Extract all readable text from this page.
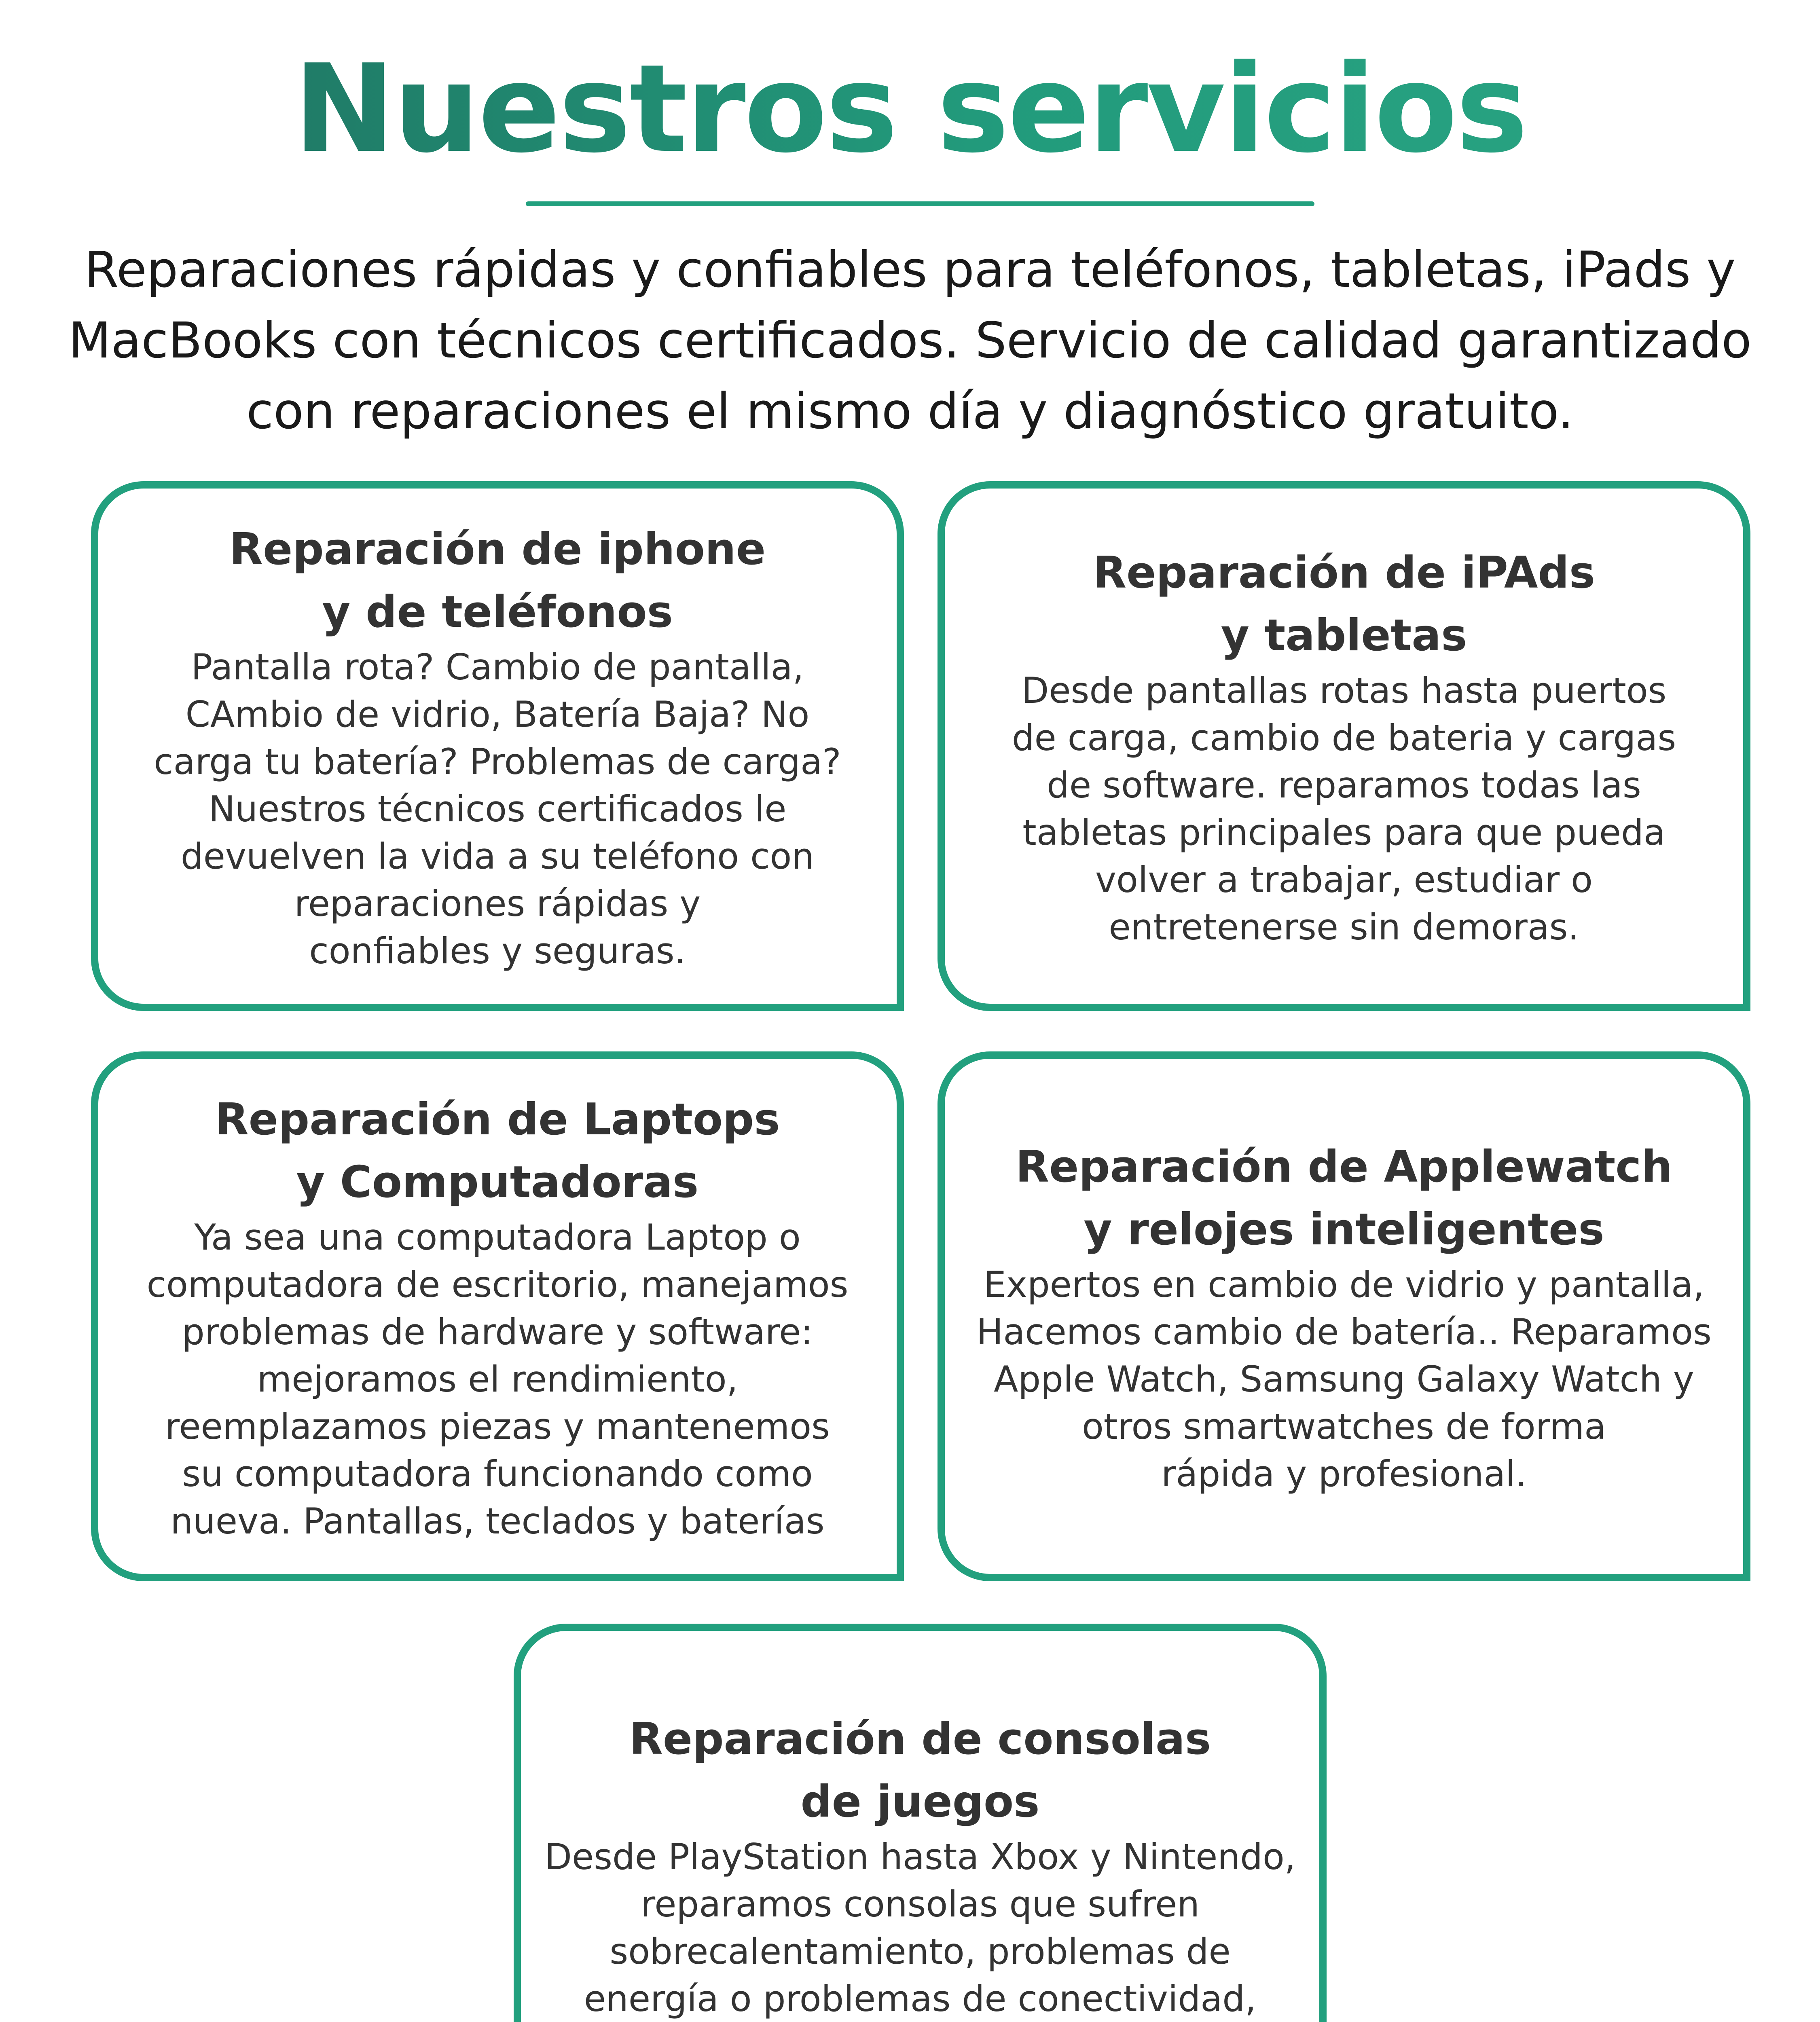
Nuestros servicios

Reparaciones rápidas y confiables para teléfonos, tabletas, iPads y
MacBooks con técnicos certificados. Servicio de calidad garantizado
con reparaciones el mismo día y diagnóstico gratuito.

Reparación de iphone
y de teléfonos

Pantalla rota? Cambio de pantalla,
CAmbio de vidrio, Batería Baja? No
carga tu batería? Problemas de carga?
Nuestros técnicos certificados le
devuelven la vida a su teléfono con
reparaciones rápidas y
confiables y seguras.

Reparación de iPAds
y tabletas

Desde pantallas rotas hasta puertos
de carga, cambio de bateria y cargas
de software. reparamos todas las
tabletas principales para que pueda
volver a trabajar, estudiar o
entretenerse sin demoras.

Reparación de Laptops
y Computadoras

Ya sea una computadora Laptop o
computadora de escritorio, manejamos
problemas de hardware y software:
mejoramos el rendimiento,
reemplazamos piezas y mantenemos
su computadora funcionando como
nueva. Pantallas, teclados y baterías

Reparación de Applewatch
y relojes inteligentes

Expertos en cambio de vidrio y pantalla,
Hacemos cambio de batería.. Reparamos
Apple Watch, Samsung Galaxy Watch y
otros smartwatches de forma
rápida y profesional.

Reparación de consolas
de juegos

Desde PlayStation hasta Xbox y Nintendo,
reparamos consolas que sufren
sobrecalentamiento, problemas de
energía o problemas de conectividad,
